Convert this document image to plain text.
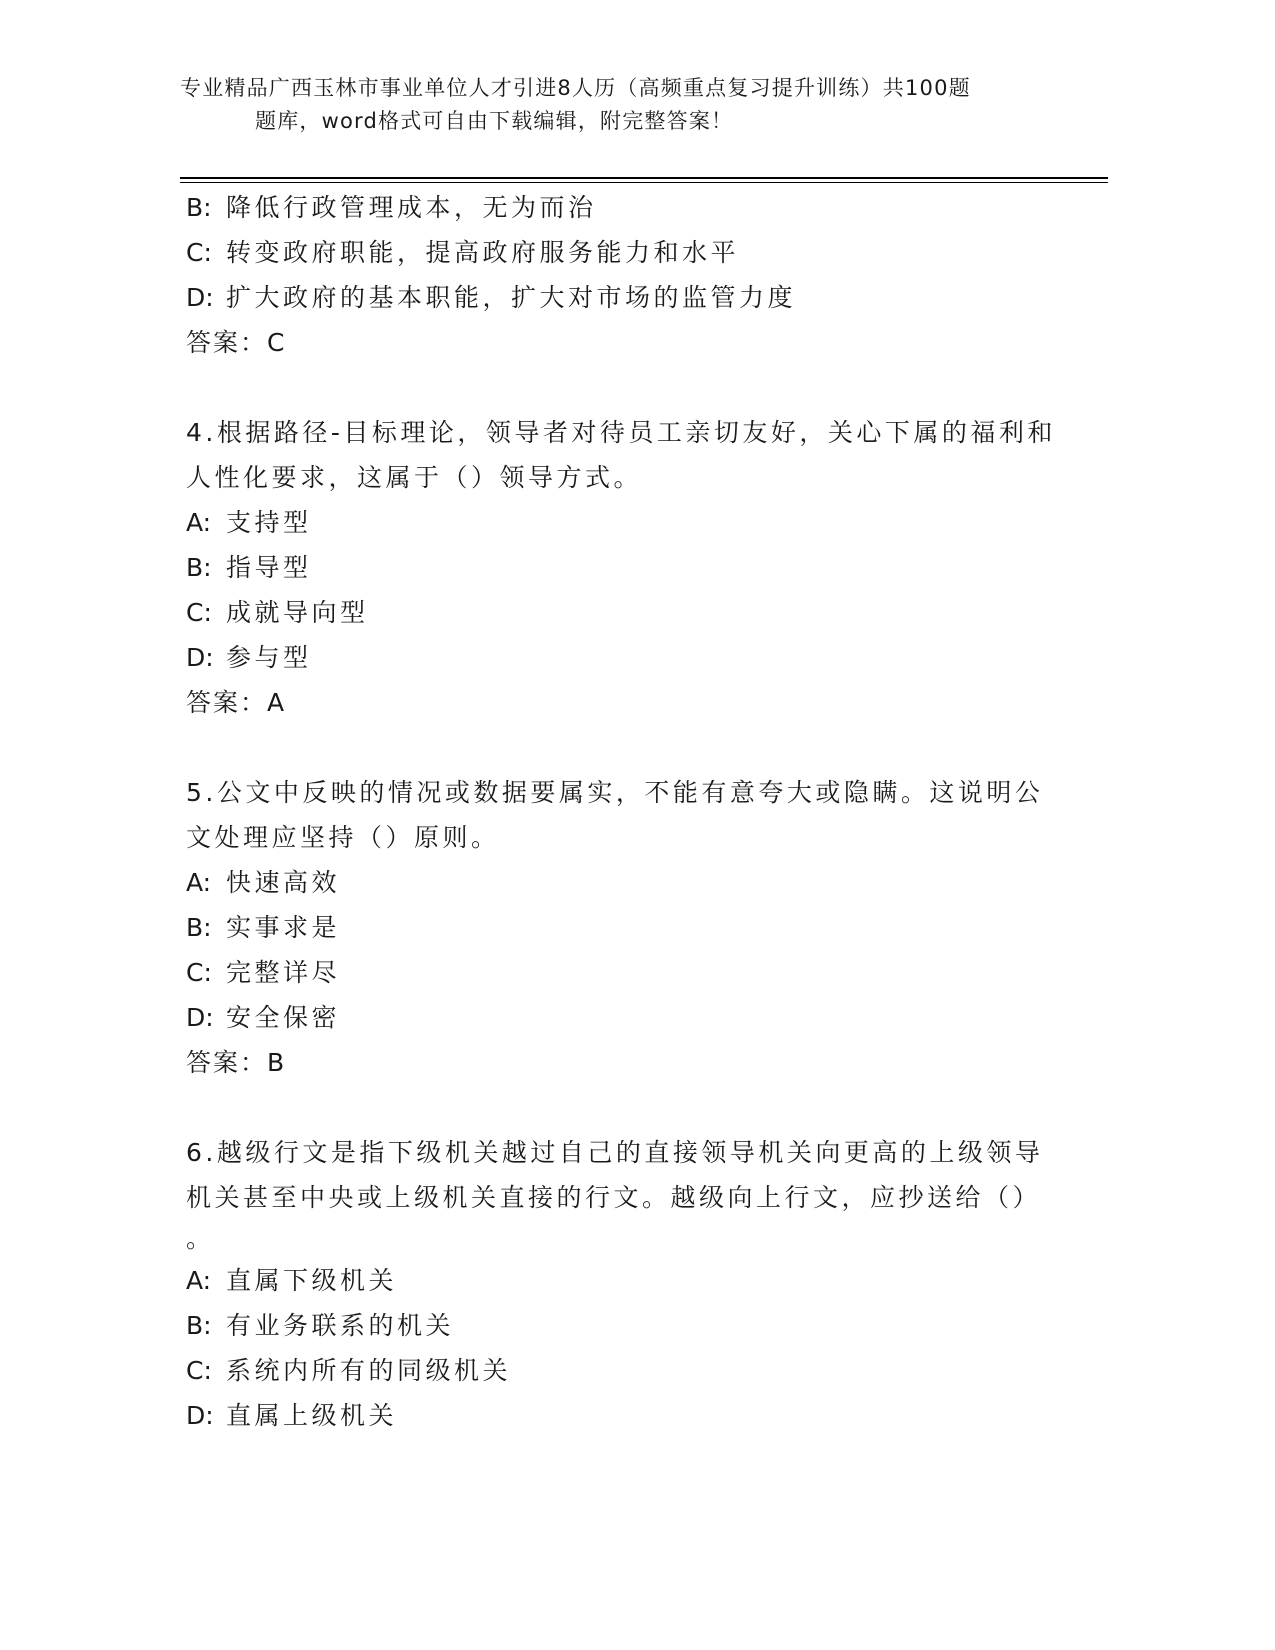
专业精品广西玉林市事业单位人才引进8人历（高频重点复习提升训练）共100题
题库，word格式可自由下载编辑，附完整答案！
B: 降低行政管理成本，无为而治
C: 转变政府职能，提高政府服务能力和水平
D: 扩大政府的基本职能，扩大对市场的监管力度
答案：C
4.根据路径-目标理论，领导者对待员工亲切友好，关心下属的福利和
人性化要求，这属于（）领导方式。
A: 支持型
B: 指导型
C: 成就导向型
D: 参与型
答案：A
5.公文中反映的情况或数据要属实，不能有意夸大或隐瞒。这说明公
文处理应坚持（）原则。
A: 快速高效
B: 实事求是
C: 完整详尽
D: 安全保密
答案：B
6.越级行文是指下级机关越过自己的直接领导机关向更高的上级领导
机关甚至中央或上级机关直接的行文。越级向上行文，应抄送给（）
。
A: 直属下级机关
B: 有业务联系的机关
C: 系统内所有的同级机关
D: 直属上级机关
